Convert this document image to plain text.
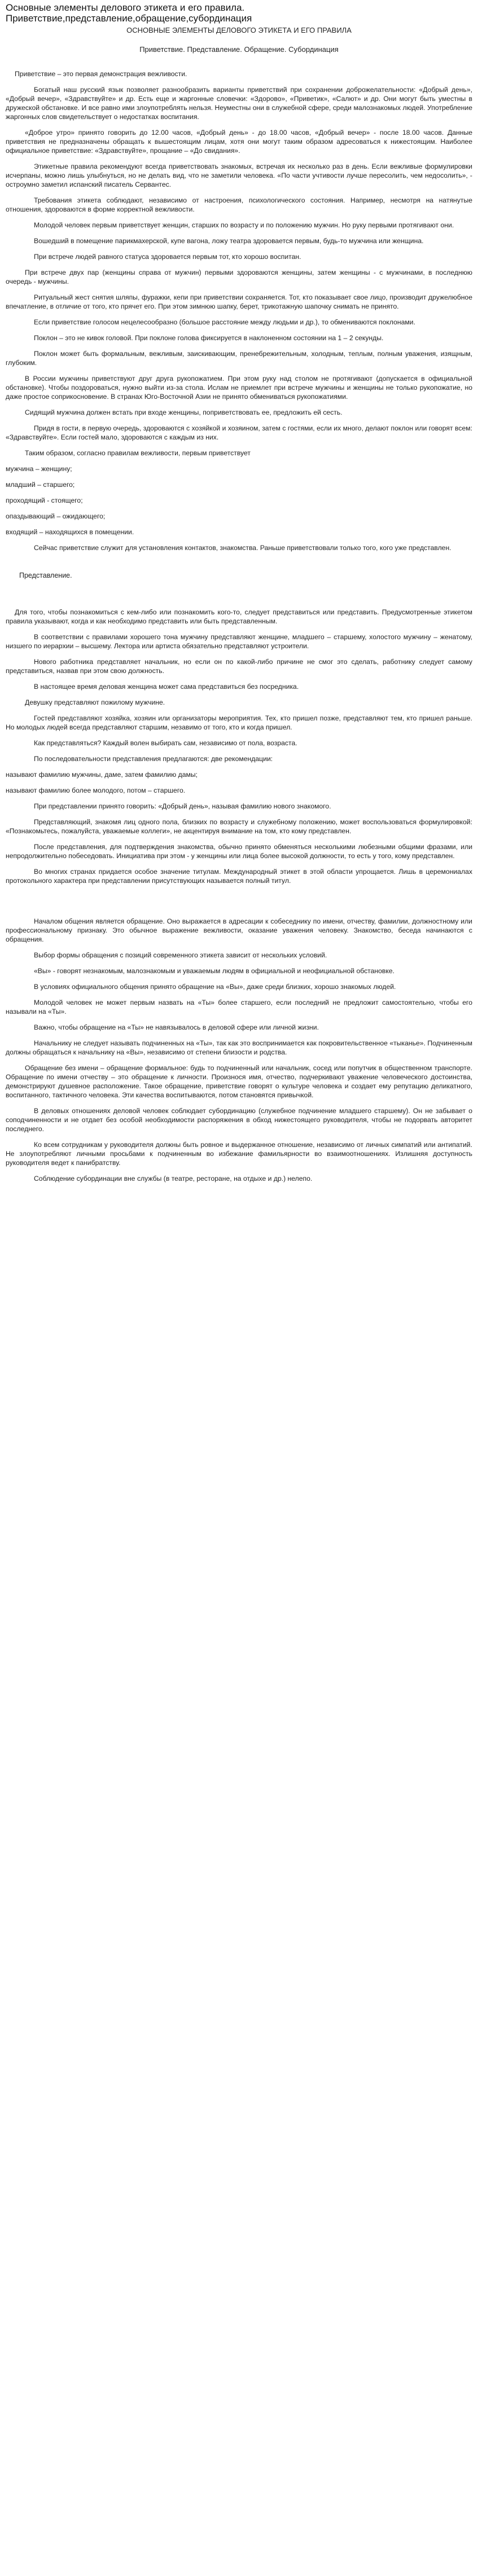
Основные элементы делового этикета и его правила. Приветствие,представление,обращение,субординация
ОСНОВНЫЕ ЭЛЕМЕНТЫ ДЕЛОВОГО ЭТИКЕТА И ЕГО ПРАВИЛА
Приветствие. Представление. Обращение. Субординация

Приветствие – это первая демонстрация вежливости.

Богатый наш русский язык позволяет разнообразить варианты приветствий при сохранении доброжелательности: «Добрый день», «Добрый вечер», «Здравствуйте» и др. Есть еще и жаргонные словечки: «Здорово», «Приветик», «Салют» и др. Они могут быть уместны в дружеской обстановке. И все равно ими злоупотреблять нельзя. Неуместны они в служебной сфере, среди малознакомых людей. Употребление жаргонных слов свидетельствует о недостатках воспитания.

«Доброе утро» принято говорить до 12.00 часов, «Добрый день» - до 18.00 часов, «Добрый вечер» - после 18.00 часов. Данные приветствия не предназначены обращать к вышестоящим лицам, хотя они могут таким образом адресоваться к нижестоящим. Наиболее официальное приветствие: «Здравствуйте», прощание – «До свидания».

Этикетные правила рекомендуют всегда приветствовать знакомых, встречая их несколько раз в день. Если вежливые формулировки исчерпаны, можно лишь улыбнуться, но не делать вид, что не заметили человека. «По части учтивости лучше пересолить, чем недосолить», - остроумно заметил испанский писатель Сервантес.

Требования этикета соблюдают, независимо от настроения, психологического состояния. Например, несмотря на натянутые отношения, здороваются в форме корректной вежливости.

Молодой человек первым приветствует женщин, старших по возрасту и по положению мужчин. Но руку первыми протягивают они.

Вошедший в помещение парикмахерской, купе вагона, ложу театра здоровается первым, будь-то мужчина или женщина.

При встрече людей равного статуса здоровается первым тот, кто хорошо воспитан.

При встрече двух пар (женщины справа от мужчин) первыми здороваются женщины, затем женщины - с мужчинами, в последнюю очередь - мужчины.

Ритуальный жест снятия шляпы, фуражки, кепи при приветствии сохраняется. Тот, кто показывает свое лицо, производит дружелюбное впечатление, в отличие от того, кто прячет его. При этом зимнюю шапку, берет, трикотажную шапочку снимать не принято.

Если приветствие голосом нецелесообразно (большое расстояние между людьми и др.), то обмениваются поклонами.

Поклон – это не кивок головой. При поклоне голова фиксируется в наклоненном состоянии на 1 – 2 секунды.

Поклон может быть формальным, вежливым, заискивающим, пренебрежительным, холодным, теплым, полным уважения, изящным, глубоким.

В России мужчины приветствуют друг друга рукопожатием. При этом руку над столом не протягивают (допускается в официальной обстановке). Чтобы поздороваться, нужно выйти из-за стола. Ислам не приемлет при встрече мужчины и женщины не только рукопожатие, но даже простое соприкосновение. В странах Юго-Восточной Азии не принято обмениваться рукопожатиями.

Сидящий мужчина должен встать при входе женщины, поприветствовать ее, предложить ей сесть.

Придя в гости, в первую очередь, здороваются с хозяйкой и хозяином, затем с гостями, если их много, делают поклон или говорят всем: «Здравствуйте». Если гостей мало, здороваются с каждым из них.

Таким образом, согласно правилам вежливости, первым приветствует

мужчина – женщину;
младший – старшего;
проходящий - стоящего;
опаздывающий – ожидающего;
входящий – находящихся в помещении.

Сейчас приветствие служит для установления контактов, знакомства. Раньше приветствовали только того, кого уже представлен.

Представление.

Для того, чтобы познакомиться с кем-либо или познакомить кого-то, следует представиться или представить. Предусмотренные этикетом правила указывают, когда и как необходимо представить или быть представленным.

В соответствии с правилами хорошего тона мужчину представляют женщине, младшего – старшему, холостого мужчину – женатому, низшего по иерархии – высшему. Лектора или артиста обязательно представляют устроители.

Нового работника представляет начальник, но если он по какой-либо причине не смог это сделать, работнику следует самому представиться, назвав при этом свою должность.

В настоящее время деловая женщина может сама представиться без посредника.

Девушку представляют пожилому мужчине.

Гостей представляют хозяйка, хозяин или организаторы мероприятия. Тех, кто пришел позже, представляют тем, кто пришел раньше. Но молодых людей всегда представляют старшим, незавимо от того, кто и когда пришел.

Как представляться? Каждый волен выбирать сам, независимо от пола, возраста.

По последовательности представления предлагаются: две рекомендации:

называют фамилию мужчины, даме, затем фамилию дамы;

называют фамилию более молодого, потом – старшего.

При представлении принято говорить: «Добрый день», называя фамилию нового знакомого.

Представляющий, знакомя лиц одного пола, близких по возрасту и служебному положению, может воспользоваться формулировкой: «Познакомьтесь, пожалуйста, уважаемые коллеги», не акцентируя внимание на том, кто кому представлен.

После представления, для подтверждения знакомства, обычно принято обменяться несколькими любезными общими фразами, или непродолжительно побеседовать. Инициатива при этом - у женщины или лица более высокой должности, то есть у того, кому представлен.

Во многих странах придается особое значение титулам. Международный этикет в этой области упрощается. Лишь в церемониалах протокольного характера при представлении присутствующих называется полный титул.

Началом общения является обращение. Оно выражается в адресации к собеседнику по имени, отчеству, фамилии, должностному или профессиональному признаку. Это обычное выражение вежливости, оказание уважения человеку. Знакомство, беседа начинаются с обращения.

Выбор формы обращения с позиций современного этикета зависит от нескольких условий.

«Вы» - говорят незнакомым, малознакомым и уважаемым людям в официальной и неофициальной обстановке.

В условиях официального общения принято обращение на «Вы», даже среди близких, хорошо знакомых людей.

Молодой человек не может первым назвать на «Ты» более старшего, если последний не предложит самостоятельно, чтобы его называли на «Ты».

Важно, чтобы обращение на «Ты» не навязывалось в деловой сфере или личной жизни.

Начальнику не следует называть подчиненных на «Ты», так как это воспринимается как покровительственное «тыканье». Подчиненным должны обращаться к начальнику на «Вы», независимо от степени близости и родства.

Обращение без имени – обращение формальное: будь то подчиненный или начальник, сосед или попутчик в общественном транспорте. Обращение по имени отчеству – это обращение к личности. Произнося имя, отчество, подчеркивают уважение человеческого достоинства, демонстрируют душевное расположение. Такое обращение, приветствие говорят о культуре человека и создает ему репутацию деликатного, воспитанного, тактичного человека. Эти качества воспитываются, потом становятся привычкой.

В деловых отношениях деловой человек соблюдает субординацию (служебное подчинение младшего старшему). Он не забывает о соподчиненности и не отдает без особой необходимости распоряжения в обход нижестоящего руководителя, чтобы не подорвать авторитет последнего.

Ко всем сотрудникам у руководителя должны быть ровное и выдержанное отношение, независимо от личных симпатий или антипатий. Не злоупотребляют личными просьбами к подчиненным во избежание фамильярности во взаимоотношениях. Излишняя доступность руководителя ведет к панибратству.

Соблюдение субординации вне службы (в театре, ресторане, на отдыхе и др.) нелепо.
